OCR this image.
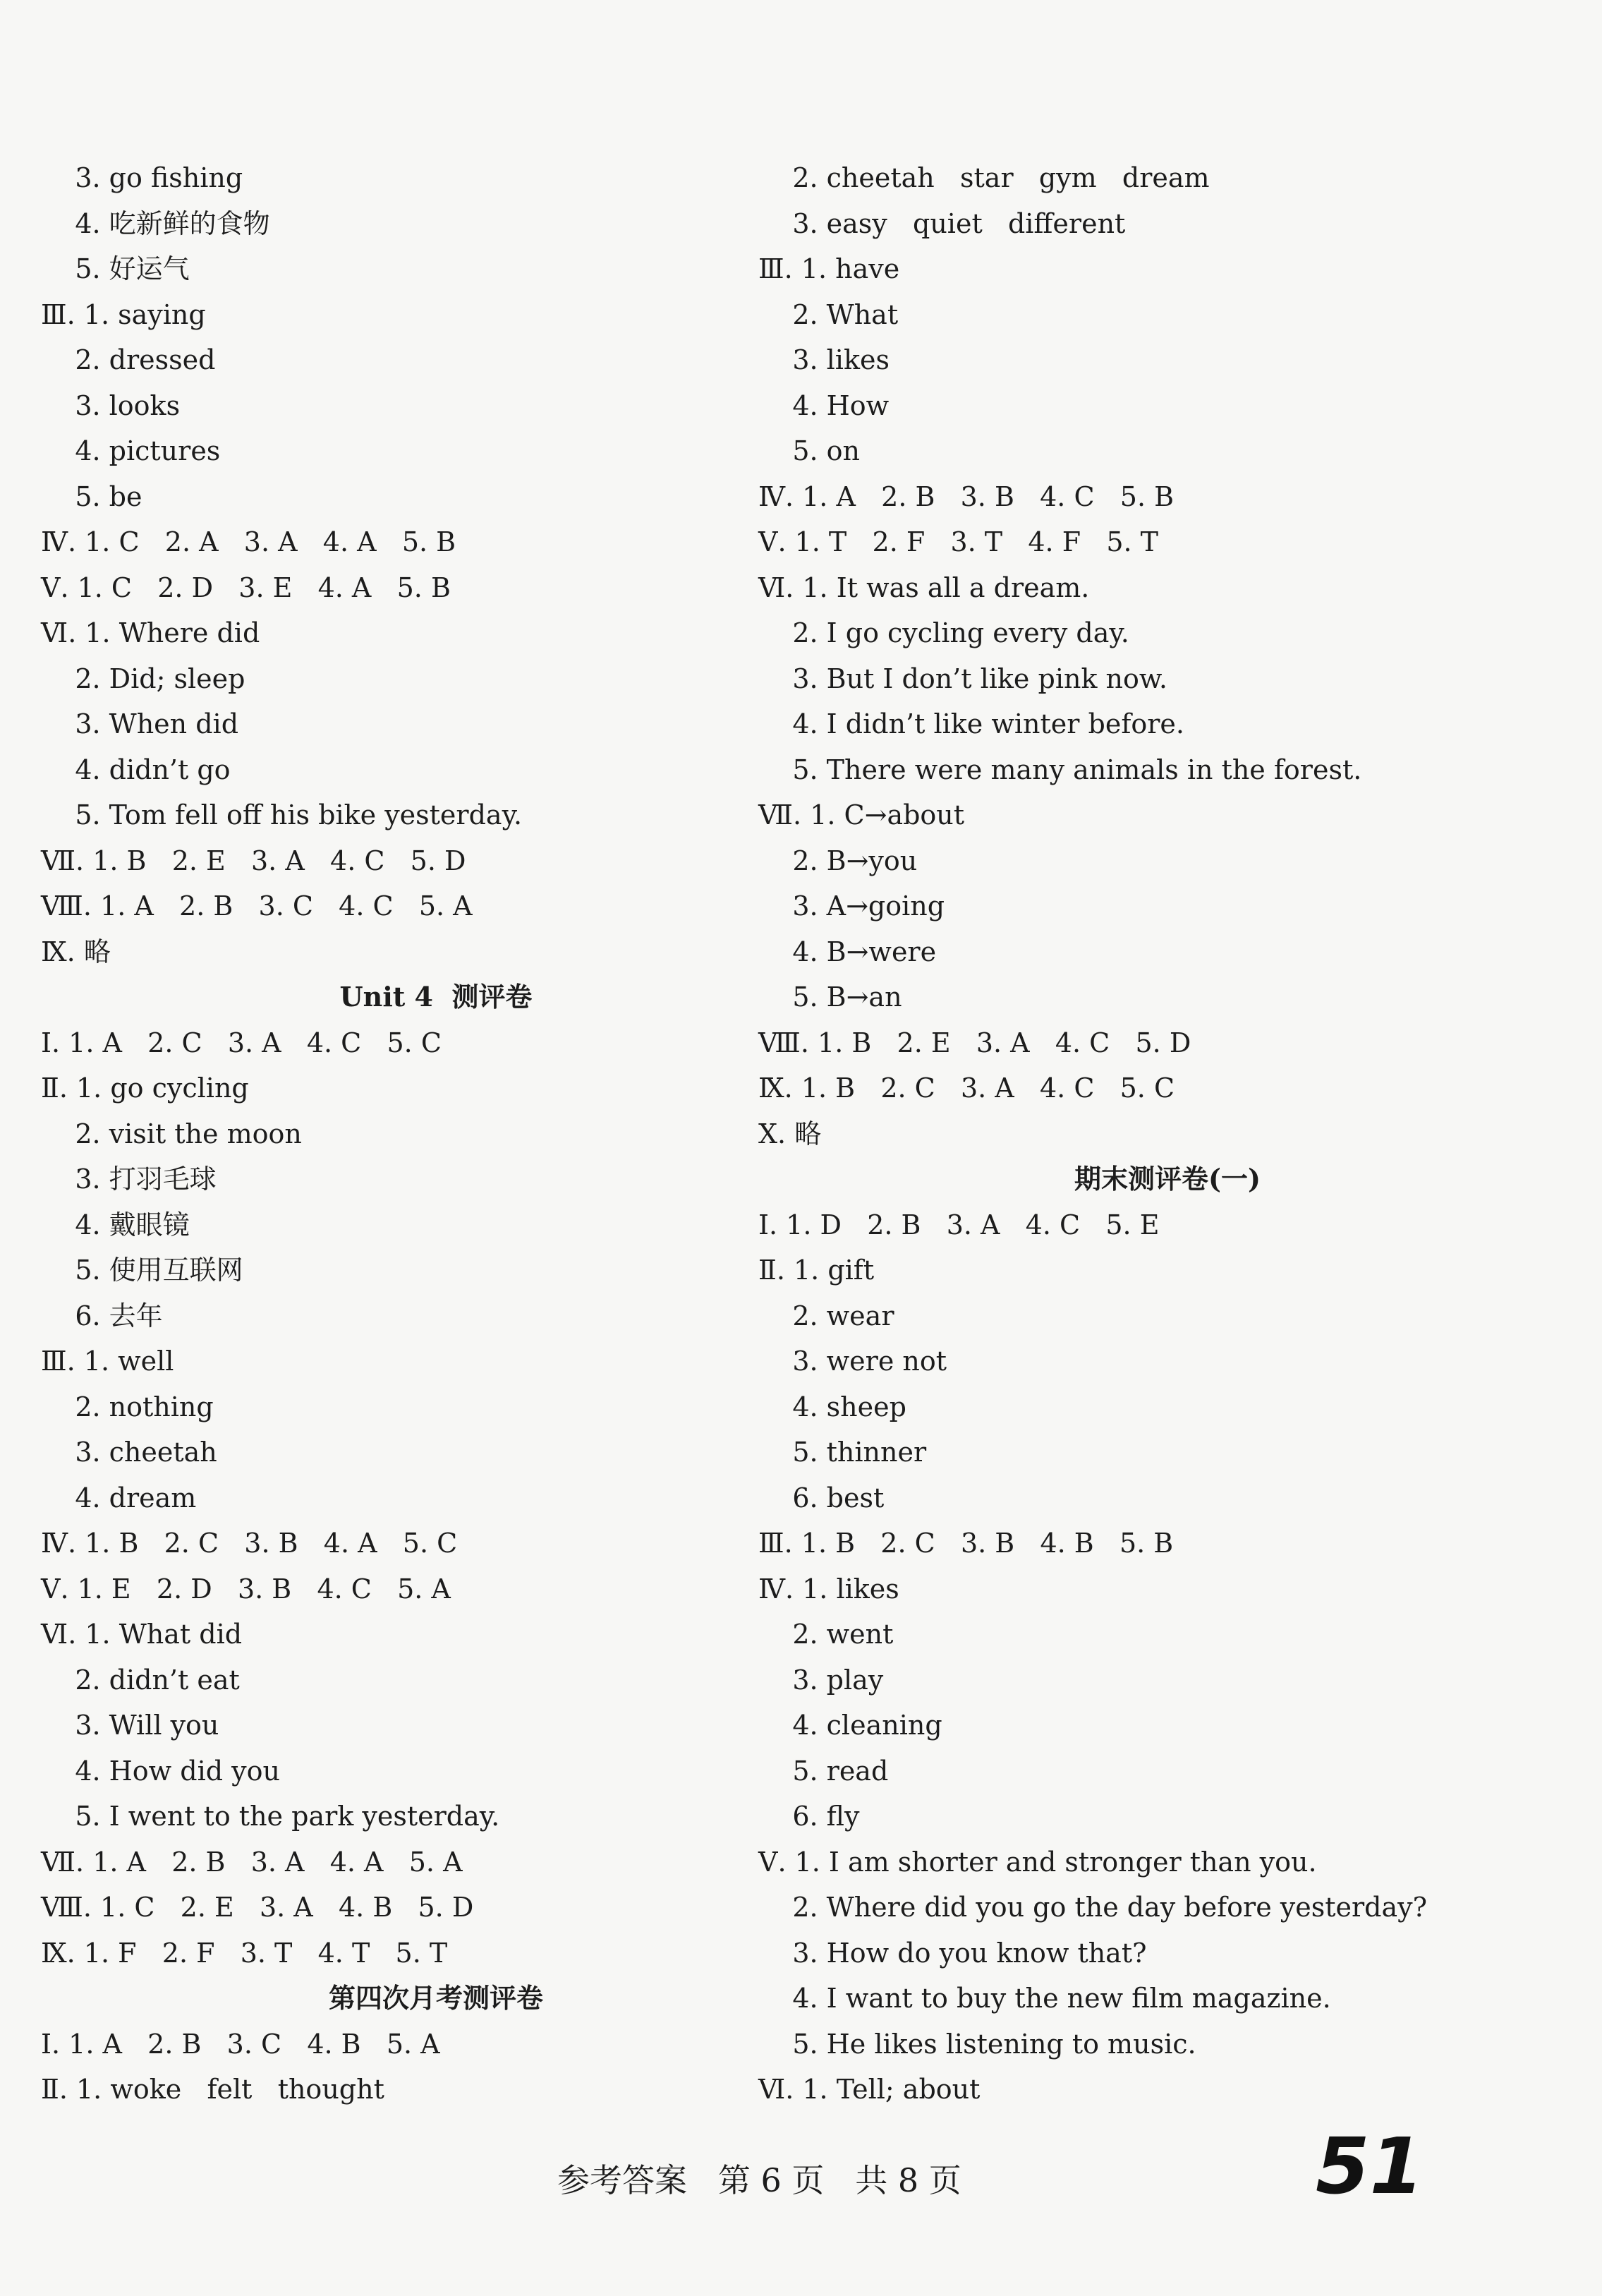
3. go fishing
4. 吃新鲜的食物
5. 好运气
Ⅲ. 1. saying
2. dressed
3. looks
4. pictures
5. be
Ⅳ. 1. C   2. A   3. A   4. A   5. B
Ⅴ. 1. C   2. D   3. E   4. A   5. B
Ⅵ. 1. Where did
2. Did; sleep
3. When did
4. didn’t go
5. Tom fell off his bike yesterday.
Ⅶ. 1. B   2. E   3. A   4. C   5. D
Ⅷ. 1. A   2. B   3. C   4. C   5. A
Ⅸ. 略
Unit 4  测评卷
Ⅰ. 1. A   2. C   3. A   4. C   5. C
Ⅱ. 1. go cycling
2. visit the moon
3. 打羽毛球
4. 戴眼镜
5. 使用互联网
6. 去年
Ⅲ. 1. well
2. nothing
3. cheetah
4. dream
Ⅳ. 1. B   2. C   3. B   4. A   5. C
Ⅴ. 1. E   2. D   3. B   4. C   5. A
Ⅵ. 1. What did
2. didn’t eat
3. Will you
4. How did you
5. I went to the park yesterday.
Ⅶ. 1. A   2. B   3. A   4. A   5. A
Ⅷ. 1. C   2. E   3. A   4. B   5. D
Ⅸ. 1. F   2. F   3. T   4. T   5. T
第四次月考测评卷
Ⅰ. 1. A   2. B   3. C   4. B   5. A
Ⅱ. 1. woke   felt   thought
2. cheetah   star   gym   dream
3. easy   quiet   different
Ⅲ. 1. have
2. What
3. likes
4. How
5. on
Ⅳ. 1. A   2. B   3. B   4. C   5. B
Ⅴ. 1. T   2. F   3. T   4. F   5. T
Ⅵ. 1. It was all a dream.
2. I go cycling every day.
3. But I don’t like pink now.
4. I didn’t like winter before.
5. There were many animals in the forest.
Ⅶ. 1. C→about
2. B→you
3. A→going
4. B→were
5. B→an
Ⅷ. 1. B   2. E   3. A   4. C   5. D
Ⅸ. 1. B   2. C   3. A   4. C   5. C
Ⅹ. 略
期末测评卷(一)
Ⅰ. 1. D   2. B   3. A   4. C   5. E
Ⅱ. 1. gift
2. wear
3. were not
4. sheep
5. thinner
6. best
Ⅲ. 1. B   2. C   3. B   4. B   5. B
Ⅳ. 1. likes
2. went
3. play
4. cleaning
5. read
6. fly
Ⅴ. 1. I am shorter and stronger than you.
2. Where did you go the day before yesterday?
3. How do you know that?
4. I want to buy the new film magazine.
5. He likes listening to music.
Ⅵ. 1. Tell; about
参考答案   第 6 页   共 8 页	51
